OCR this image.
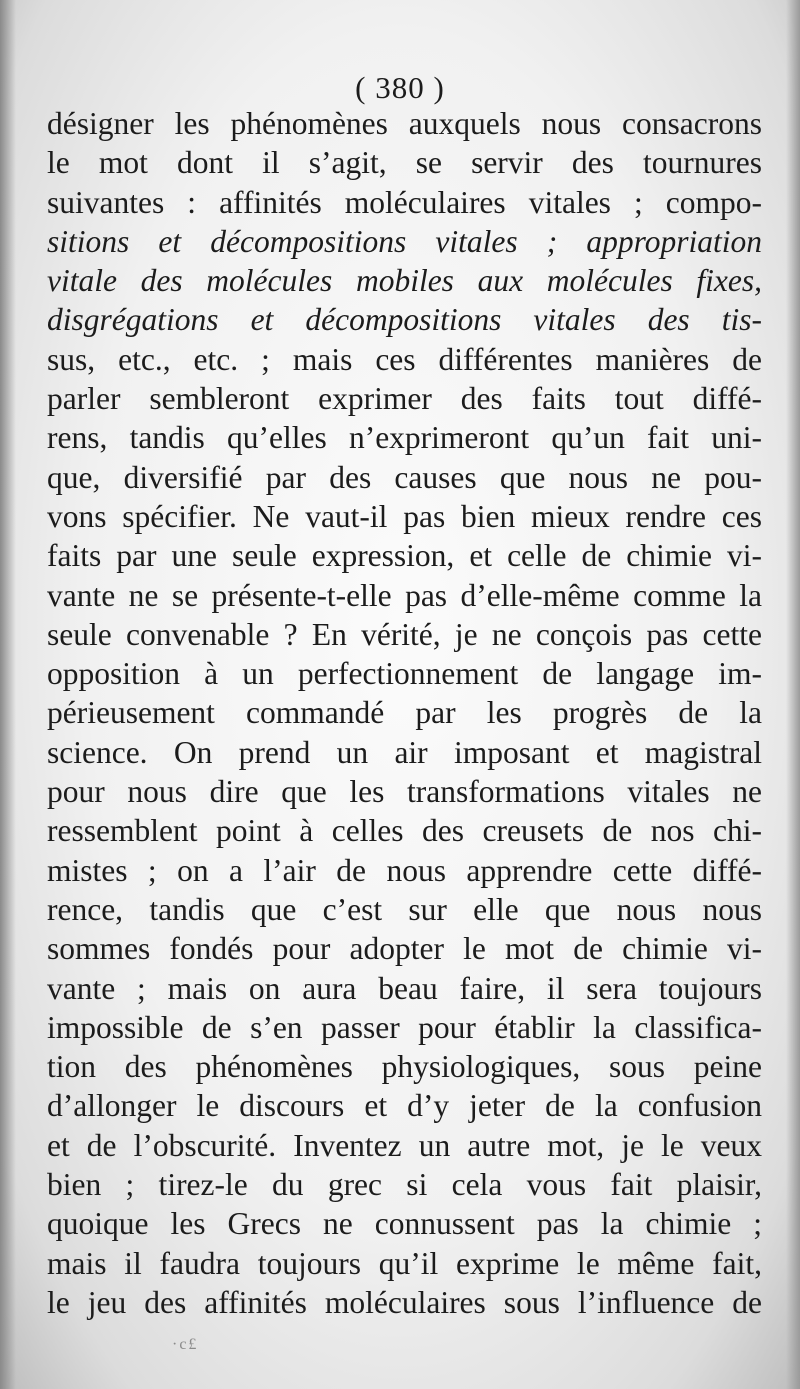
( 380 )
désigner les phénomènes auxquels nous consacrons
le mot dont il s’agit, se servir des tournures
suivantes : affinités moléculaires vitales ; compo-
sitions et décompositions vitales ; appropriation
vitale des molécules mobiles aux molécules fixes,
disgrégations et décompositions vitales des tis-
sus, etc., etc. ; mais ces différentes manières de
parler sembleront exprimer des faits tout diffé-
rens, tandis qu’elles n’exprimeront qu’un fait uni-
que, diversifié par des causes que nous ne pou-
vons spécifier. Ne vaut-il pas bien mieux rendre ces
faits par une seule expression, et celle de chimie vi-
vante ne se présente-t-elle pas d’elle-même comme la
seule convenable ? En vérité, je ne conçois pas cette
opposition à un perfectionnement de langage im-
périeusement commandé par les progrès de la
science. On prend un air imposant et magistral
pour nous dire que les transformations vitales ne
ressemblent point à celles des creusets de nos chi-
mistes ; on a l’air de nous apprendre cette diffé-
rence, tandis que c’est sur elle que nous nous
sommes fondés pour adopter le mot de chimie vi-
vante ; mais on aura beau faire, il sera toujours
impossible de s’en passer pour établir la classifica-
tion des phénomènes physiologiques, sous peine
d’allonger le discours et d’y jeter de la confusion
et de l’obscurité. Inventez un autre mot, je le veux
bien ; tirez-le du grec si cela vous fait plaisir,
quoique les Grecs ne connussent pas la chimie ;
mais il faudra toujours qu’il exprime le même fait,
le jeu des affinités moléculaires sous l’influence de
·c£
